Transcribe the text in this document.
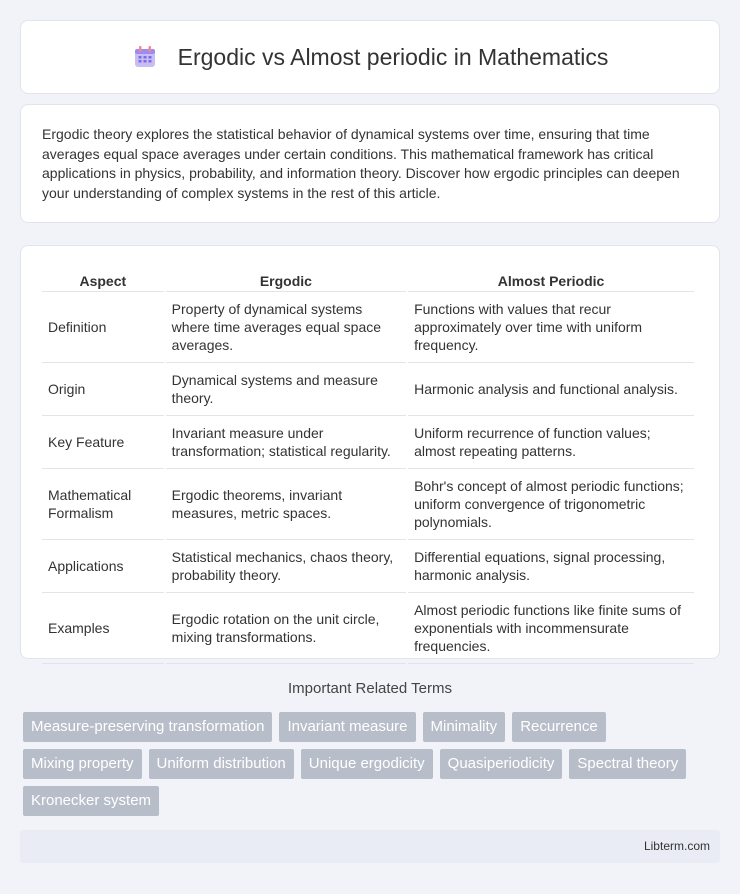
Ergodic vs Almost periodic in Mathematics

Ergodic theory explores the statistical behavior of dynamical systems over time, ensuring that time averages equal space averages under certain conditions. This mathematical framework has critical applications in physics, probability, and information theory. Discover how ergodic principles can deepen your understanding of complex systems in the rest of this article.

Aspect	Ergodic	Almost Periodic
Definition	Property of dynamical systems where time averages equal space averages.	Functions with values that recur approximately over time with uniform frequency.
Origin	Dynamical systems and measure theory.	Harmonic analysis and functional analysis.
Key Feature	Invariant measure under transformation; statistical regularity.	Uniform recurrence of function values; almost repeating patterns.
Mathematical Formalism	Ergodic theorems, invariant measures, metric spaces.	Bohr's concept of almost periodic functions; uniform convergence of trigonometric polynomials.
Applications	Statistical mechanics, chaos theory, probability theory.	Differential equations, signal processing, harmonic analysis.
Examples	Ergodic rotation on the unit circle, mixing transformations.	Almost periodic functions like finite sums of exponentials with incommensurate frequencies.
Important Related Terms
Measure-preserving transformation	Invariant measure	Minimality	Recurrence
Mixing property	Uniform distribution	Unique ergodicity	Quasiperiodicity	Spectral theory
Kronecker system
Libterm.com
